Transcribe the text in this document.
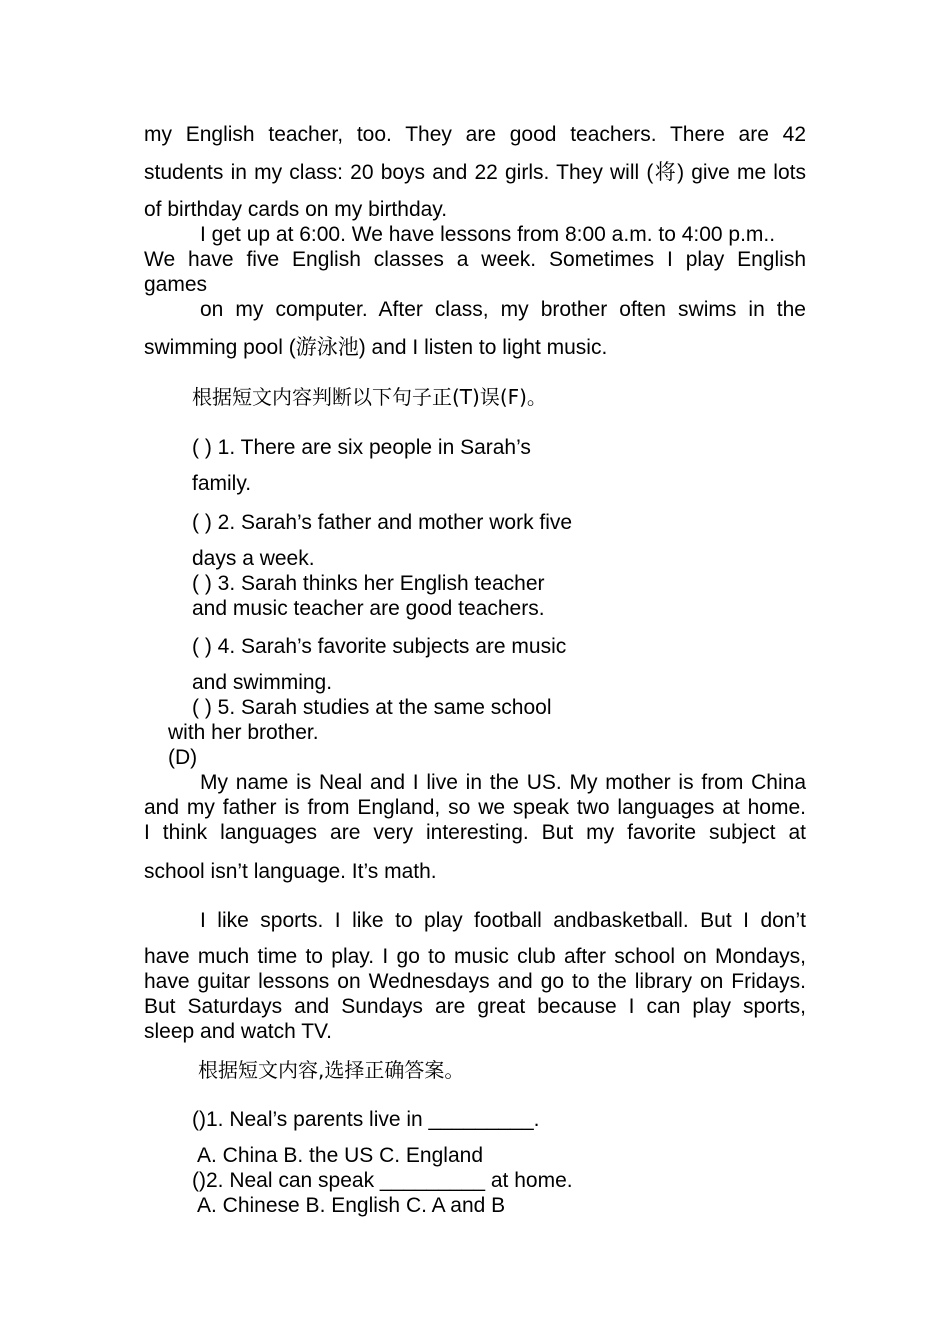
my English teacher, too. They are good teachers. There are 42

students in my class: 20 boys and 22 girls. They will (将) give me lots

of birthday cards on my birthday.

I get up at 6:00. We have lessons from 8:00 a.m. to 4:00 p.m..

We have five English classes a week. Sometimes I play English

games

on my computer. After class, my brother often swims in the

swimming pool (游泳池) and I listen to light music.

根据短文内容判断以下句子正(T)误(F)。

( ) 1. There are six people in Sarah’s

family.

( ) 2. Sarah’s father and mother work five

days a week.

( ) 3. Sarah thinks her English teacher

and music teacher are good teachers.

( ) 4. Sarah’s favorite subjects are music

and swimming.

( ) 5. Sarah studies at the same school

with her brother.

(D)

My name is Neal and I live in the US. My mother is from China

and my father is from England, so we speak two languages at home.

I think languages are very interesting. But my favorite subject at

school isn’t language. It’s math.

I like sports. I like to play football andbasketball. But I don’t

have much time to play. I go to music club after school on Mondays,

have guitar lessons on Wednesdays and go to the library on Fridays.

But Saturdays and Sundays are great because I can play sports,

sleep and watch TV.

根据短文内容,选择正确答案。

()1. Neal’s parents live in _________.

A. China B. the US C. England

()2. Neal can speak _________ at home.

A. Chinese B. English C. A and B
